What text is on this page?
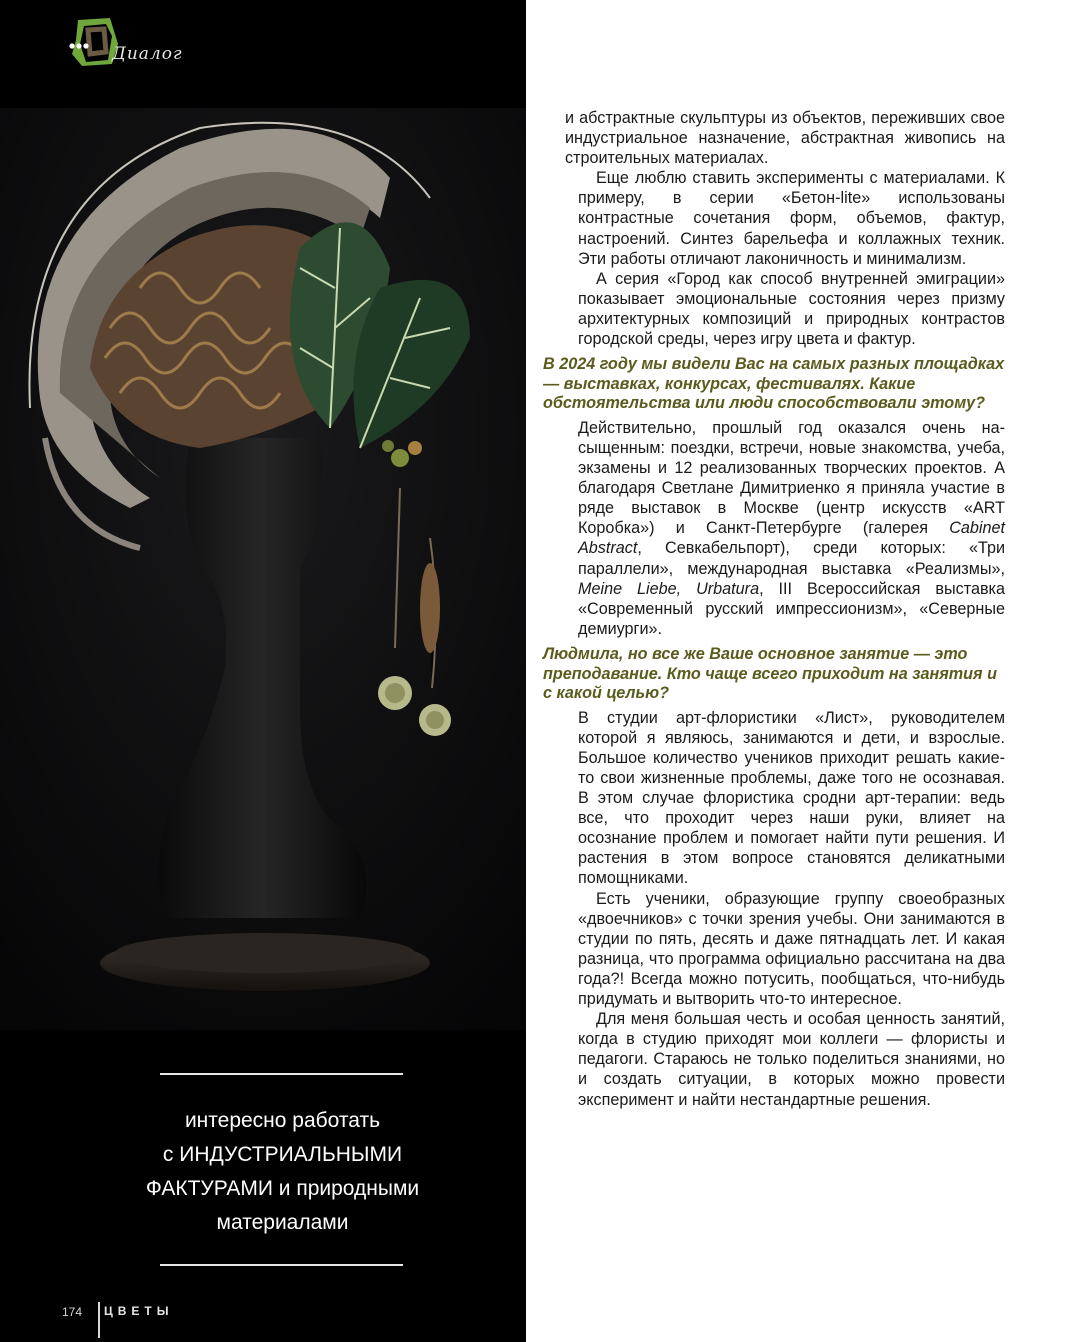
Диалог
интересно работать
с ИНДУСТРИАЛЬНЫМИ
ФАКТУРАМИ и природными
материалами
174 ЦВЕТЫ

и абстрактные скульптуры из объектов, переживших свое индустриальное назначение, абстрактная живопись на строительных материалах.

Еще люблю ставить эксперименты с материалами. К примеру, в серии «Бетон-lite» использованы контрастные сочетания форм, объемов, фактур, настроений. Синтез барельефа и коллажных техник. Эти работы отличают лаконичность и минимализм.

А серия «Город как способ внутренней эмиграции» показывает эмоциональные состояния через призму архитектурных композиций и природных контрастов городской среды, через игру цвета и фактур.

В 2024 году мы видели Вас на самых разных площадках — выставках, конкурсах, фестивалях. Какие обстоятельства или люди способствовали этому?

Действительно, прошлый год оказался очень насыщенным: поездки, встречи, новые знакомства, учеба, экзамены и 12 реализованных творческих проектов. А благодаря Светлане Димитриенко я приняла участие в ряде выставок в Москве (центр искусств «ART Коробка») и Санкт-Петербурге (галерея Cabinet Abstract, Севкабельпорт), среди которых: «Три параллели», международная выставка «Реализмы», Meine Liebe, Urbatura, III Всероссийская выставка «Современный русский импрессионизм», «Северные демиурги».

Людмила, но все же Ваше основное занятие — это преподавание. Кто чаще всего приходит на занятия и с какой целью?

В студии арт-флористики «Лист», руководителем которой я являюсь, занимаются и дети, и взрослые. Большое количество учеников приходит решать какие-то свои жизненные проблемы, даже того не осознавая. В этом случае флористика сродни арт-терапии: ведь все, что проходит через наши руки, влияет на осознание проблем и помогает найти пути решения. И растения в этом вопросе становятся деликатными помощниками.

Есть ученики, образующие группу своеобразных «двоечников» с точки зрения учебы. Они занимаются в студии по пять, десять и даже пятнадцать лет. И какая разница, что программа официально рассчитана на два года?! Всегда можно потусить, пообщаться, что-нибудь придумать и вытворить что-то интересное.

Для меня большая честь и особая ценность занятий, когда в студию приходят мои коллеги — флористы и педагоги. Стараюсь не только поделиться знаниями, но и создать ситуации, в которых можно провести эксперимент и найти нестандартные решения.
